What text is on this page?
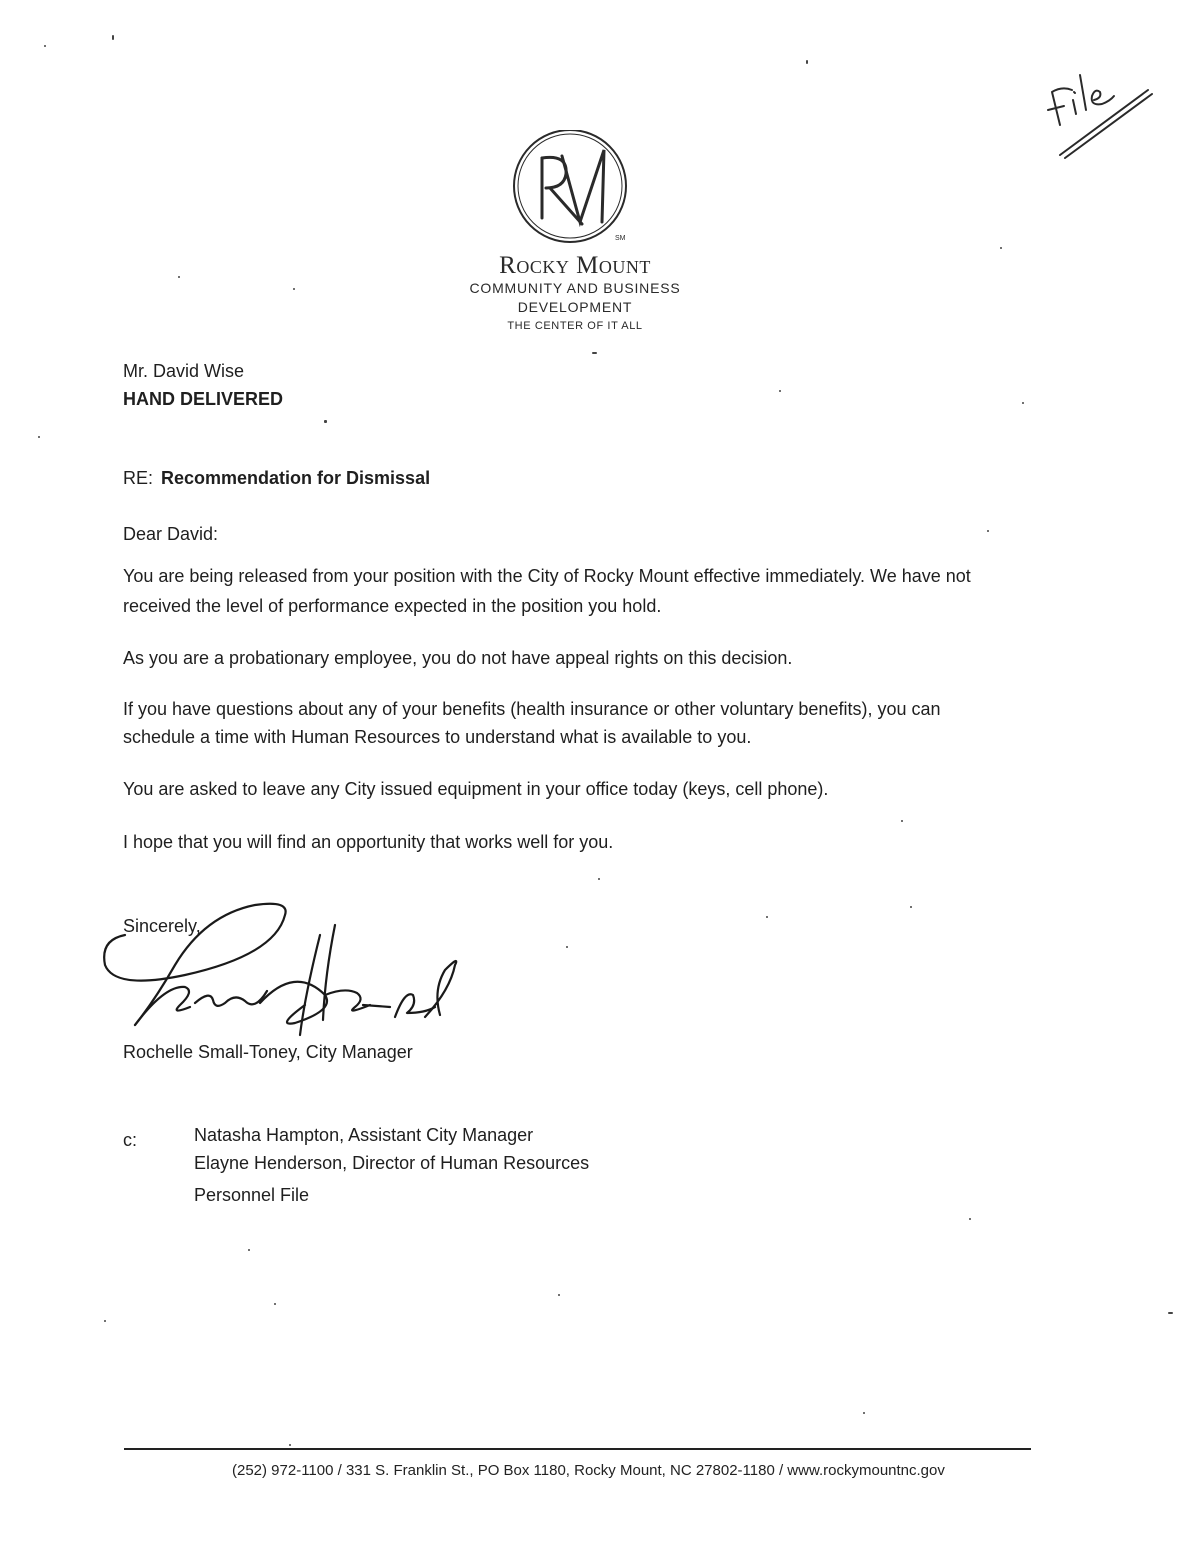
File
SM
Rocky Mount
COMMUNITY AND BUSINESS
DEVELOPMENT
THE CENTER OF IT ALL
Mr. David Wise
HAND DELIVERED
RE: Recommendation for Dismissal
Dear David:
You are being released from your position with the City of Rocky Mount effective immediately. We have not
received the level of performance expected in the position you hold.
As you are a probationary employee, you do not have appeal rights on this decision.
If you have questions about any of your benefits (health insurance or other voluntary benefits), you can
schedule a time with Human Resources to understand what is available to you.
You are asked to leave any City issued equipment in your office today (keys, cell phone).
I hope that you will find an opportunity that works well for you.
Sincerely,
Rochelle Small-Toney, City Manager
c:	Natasha Hampton, Assistant City Manager
Elayne Henderson, Director of Human Resources
Personnel File
(252) 972-1100 / 331 S. Franklin St., PO Box 1180, Rocky Mount, NC 27802-1180 / www.rockymountnc.gov
